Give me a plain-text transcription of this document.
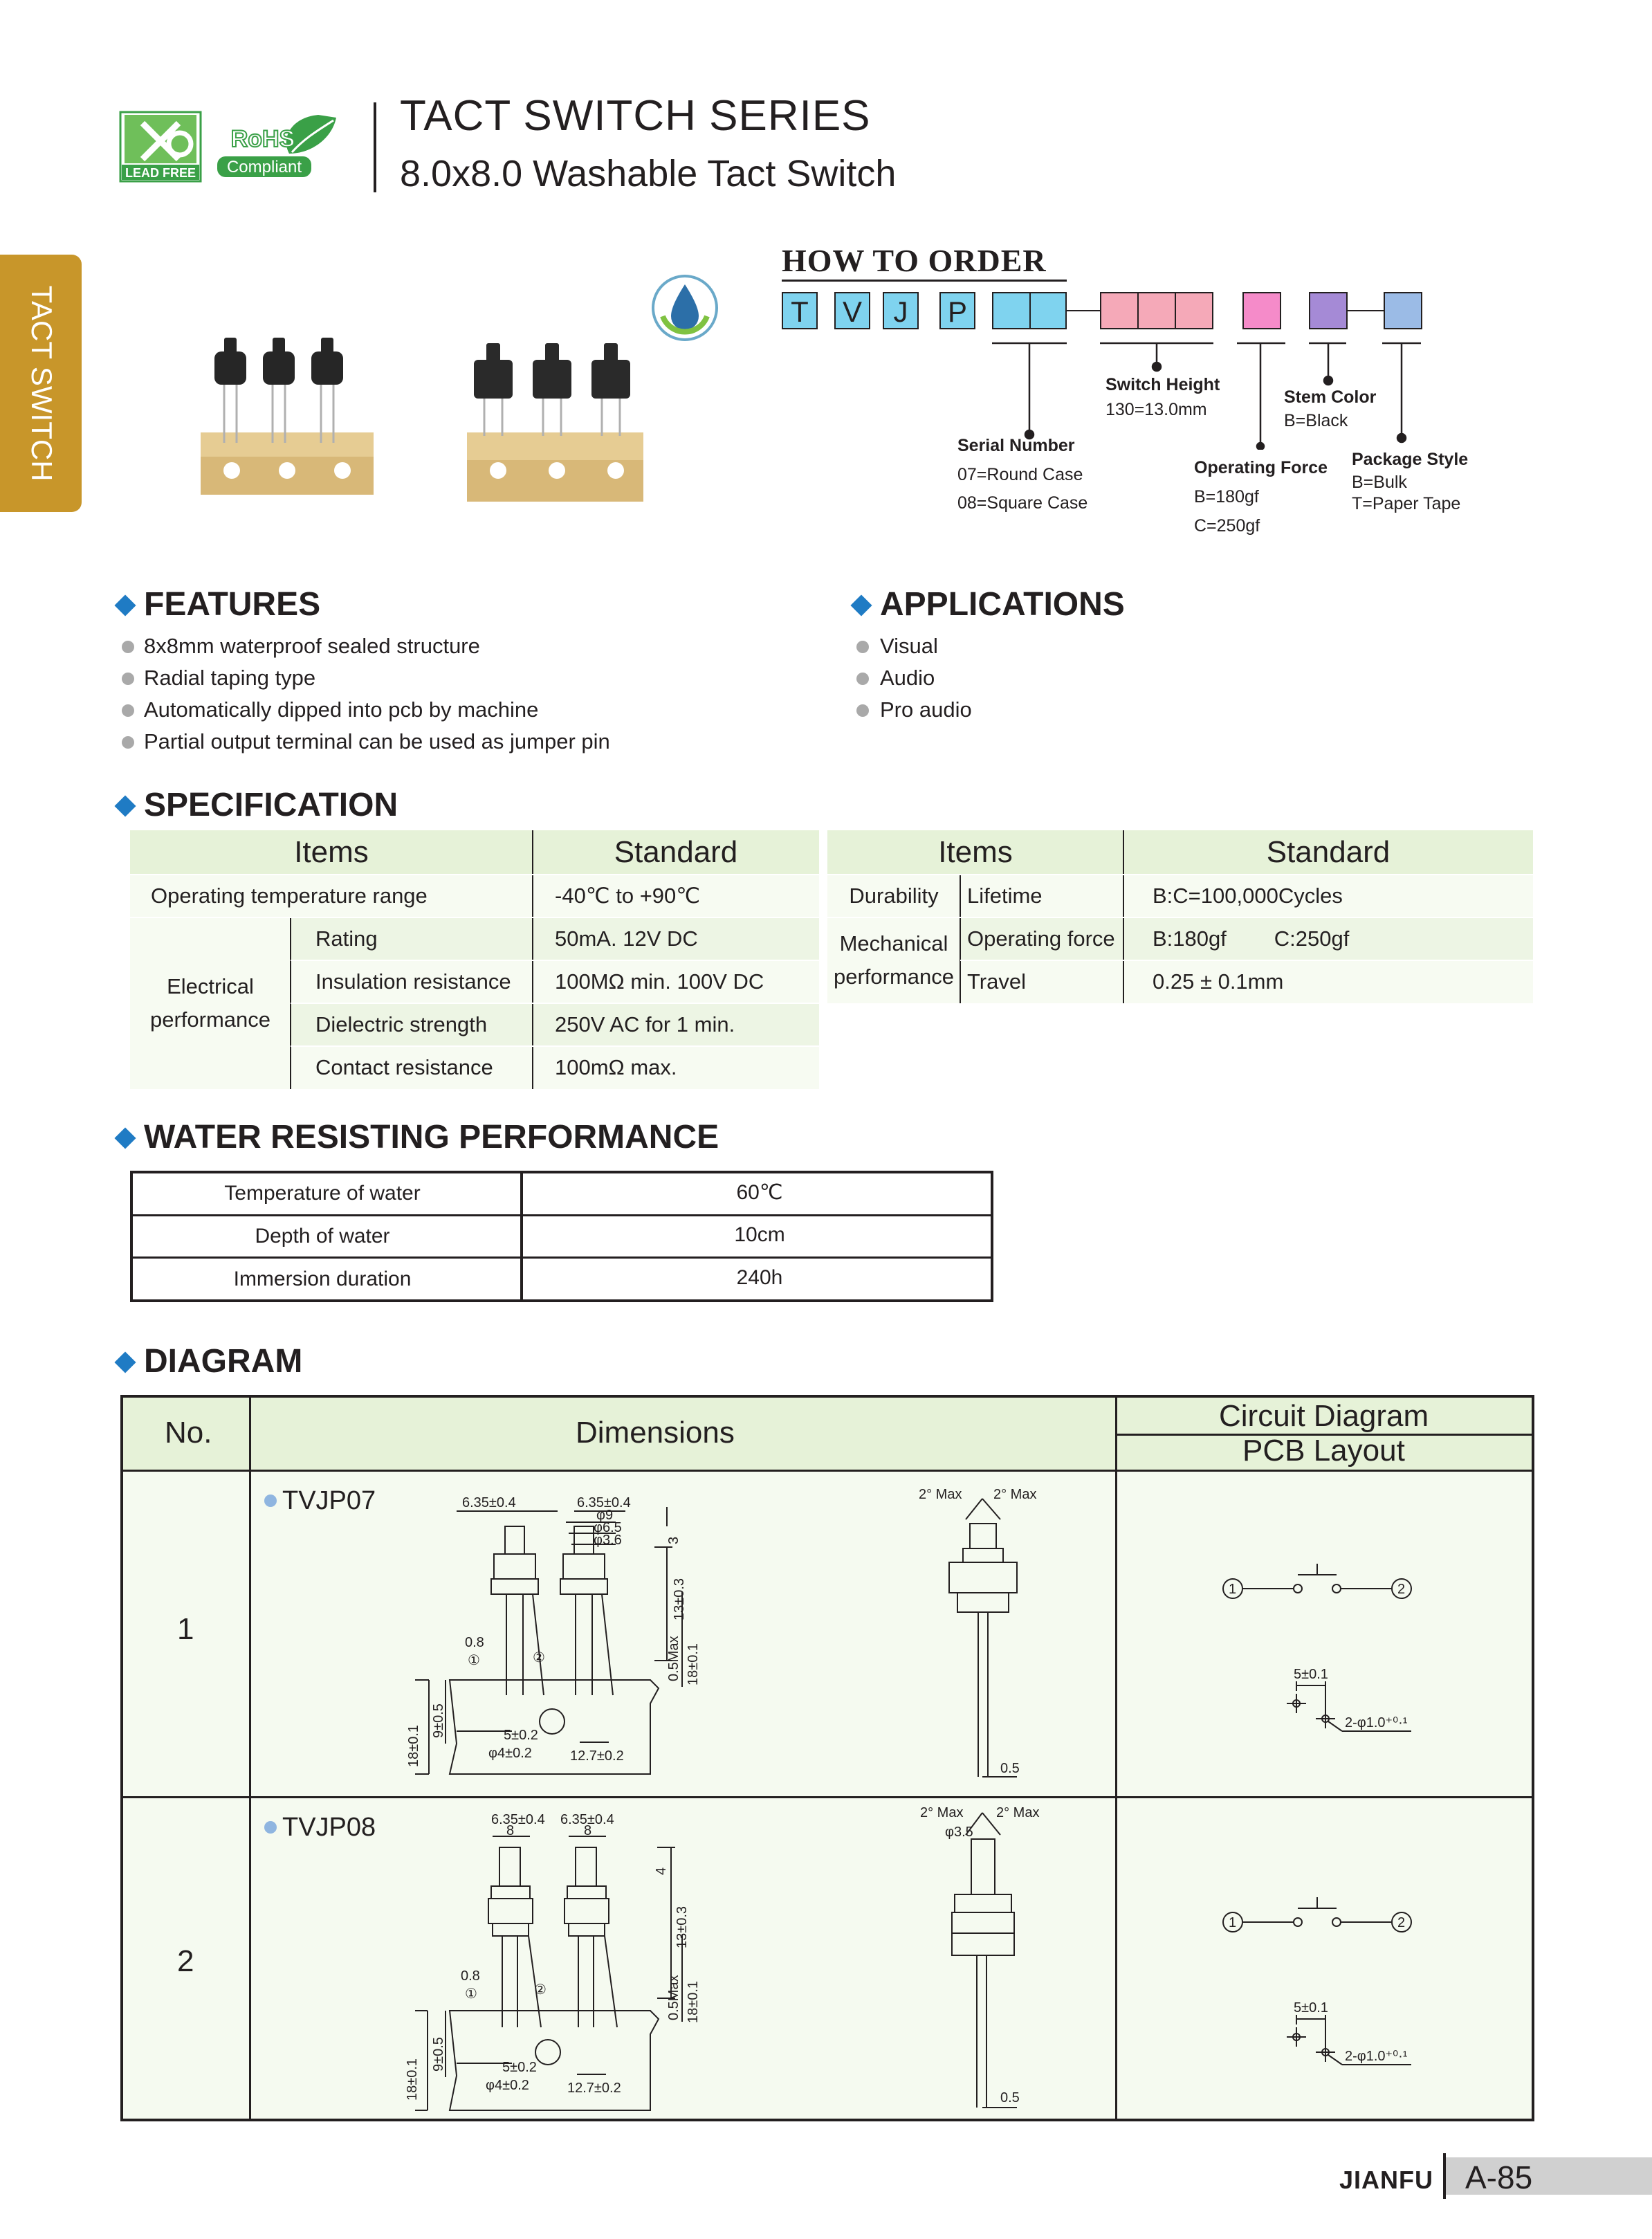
LEAD FREE
RoHS
Compliant
TACT SWITCH SERIES
8.0x8.0 Washable Tact Switch
TACT SWITCH
HOW TO ORDER
T	V	J	P
Serial Number
07=Round Case
08=Square Case
Switch Height
130=13.0mm
Operating Force
B=180gf
C=250gf
Stem Color
B=Black
Package Style
B=Bulk
T=Paper Tape
FEATURES
8x8mm waterproof sealed structure
Radial taping type
Automatically dipped into pcb by machine
Partial output terminal can be used as jumper pin
APPLICATIONS
Visual
Audio
Pro audio
SPECIFICATION
Items	Standard
Operating temperature range	-40℃ to +90℃
Electrical
performance
Rating	50mA. 12V DC
Insulation resistance	100MΩ min. 100V DC
Dielectric strength	250V AC for 1 min.
Contact resistance	100mΩ max.
Items	Standard
Durability	Lifetime	B:C=100,000Cycles
Mechanical
performance
Operating force	B:180gf        C:250gf
Travel	0.25 ± 0.1mm
WATER RESISTING PERFORMANCE
Temperature of water	60℃
Depth of water	10cm
Immersion duration	240h
DIAGRAM
No.	Dimensions	Circuit Diagram
PCB Layout
1
TVJP07
2
TVJP08
6.35±0.4	6.35±0.4
φ9
φ6.5
φ3.6	3
13±0.3
0.8
①	②	0.5Max 18±0.1
9±0.5
18±0.1	5±0.2
φ4±0.2	12.7±0.2
2° Max 2° Max
0.5
1	2
5±0.1
2-φ1.0⁺⁰·¹
6.35±0.4 6.35±0.4
8	8
4
13±0.3
0.8
①	②	0.5Max 18±0.1
9±0.5
18±0.1	5±0.2
φ4±0.2	12.7±0.2
2° Max 2° Max
φ3.5
0.5
1	2
5±0.1
2-φ1.0⁺⁰·¹
JIANFU A-85
